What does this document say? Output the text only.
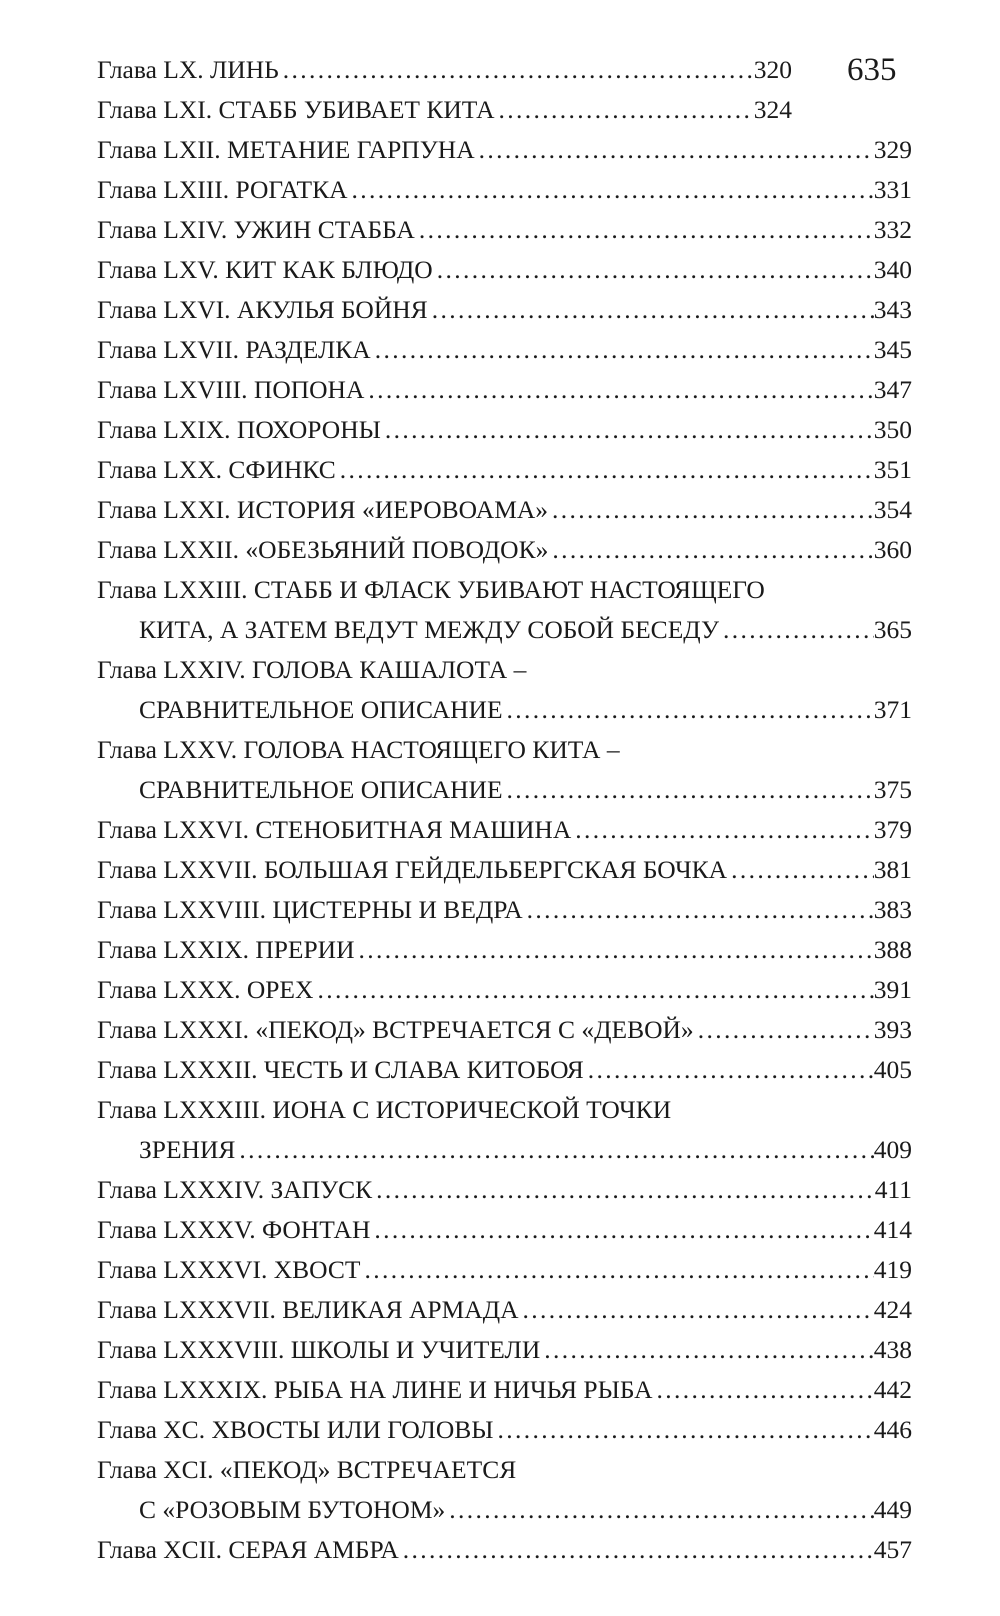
635
Глава LX. ЛИНЬ . . .	320
Глава LXI. СТАББ УБИВАЕТ КИТА . . .	324
Глава LXII. МЕТАНИЕ ГАРПУНА . . .	329
Глава LXIII. РОГАТКА . . .	331
Глава LXIV. УЖИН СТАББА . . .	332
Глава LXV. КИТ КАК БЛЮДО . . .	340
Глава LXVI. АКУЛЬЯ БОЙНЯ . . .	343
Глава LXVII. РАЗДЕЛКА . . .	345
Глава LXVIII. ПОПОНА . . .	347
Глава LXIX. ПОХОРОНЫ . . .	350
Глава LXX. СФИНКС . . .	351
Глава LXXI. ИСТОРИЯ «ИЕРОВОАМА» . . .	354
Глава LXXII. «ОБЕЗЬЯНИЙ ПОВОДОК» . . .	360
Глава LXXIII. СТАББ И ФЛАСК УБИВАЮТ НАСТОЯЩЕГО
КИТА, А ЗАТЕМ ВЕДУТ МЕЖДУ СОБОЙ БЕСЕДУ . . .	365
Глава LXXIV. ГОЛОВА КАШАЛОТА –
СРАВНИТЕЛЬНОЕ ОПИСАНИЕ . . .	371
Глава LXXV. ГОЛОВА НАСТОЯЩЕГО КИТА –
СРАВНИТЕЛЬНОЕ ОПИСАНИЕ . . .	375
Глава LXXVI. СТЕНОБИТНАЯ МАШИНА . . .	379
Глава LXXVII. БОЛЬШАЯ ГЕЙДЕЛЬБЕРГСКАЯ БОЧКА . . .	381
Глава LXXVIII. ЦИСТЕРНЫ И ВЕДРА . . .	383
Глава LXXIX. ПРЕРИИ . . .	388
Глава LXXX. ОРЕХ . . .	391
Глава LXXXI. «ПЕКОД» ВСТРЕЧАЕТСЯ С «ДЕВОЙ» . . .	393
Глава LXXXII. ЧЕСТЬ И СЛАВА КИТОБОЯ . . .	405
Глава LXXXIII. ИОНА С ИСТОРИЧЕСКОЙ ТОЧКИ
ЗРЕНИЯ . . .	409
Глава LXXXIV. ЗАПУСК . . .	411
Глава LXXXV. ФОНТАН . . .	414
Глава LXXXVI. ХВОСТ . . .	419
Глава LXXXVII. ВЕЛИКАЯ АРМАДА . . .	424
Глава LXXXVIII. ШКОЛЫ И УЧИТЕЛИ . . .	438
Глава LXXXIX. РЫБА НА ЛИНЕ И НИЧЬЯ РЫБА . . .	442
Глава XC. ХВОСТЫ ИЛИ ГОЛОВЫ . . .	446
Глава XCI. «ПЕКОД» ВСТРЕЧАЕТСЯ
С «РОЗОВЫМ БУТОНОМ» . . .	449
Глава XCII. СЕРАЯ АМБРА . . .	457
